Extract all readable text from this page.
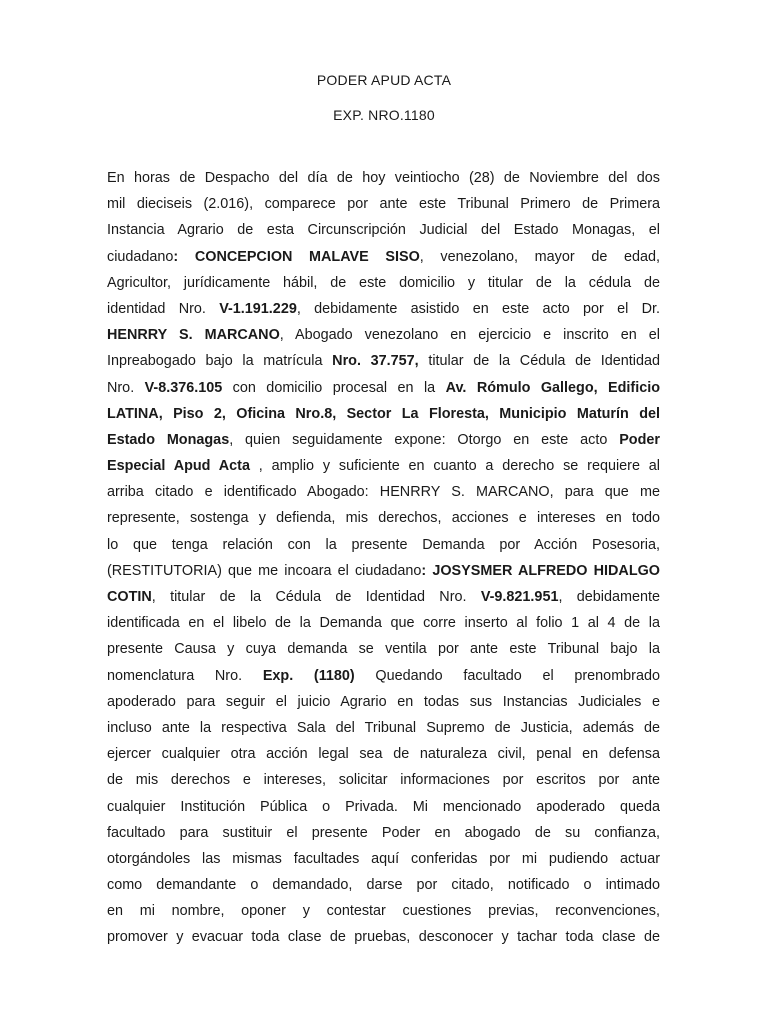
PODER APUD ACTA
EXP. NRO.1180
En horas de Despacho del día de hoy veintiocho (28) de Noviembre del dos
mil dieciseis (2.016), comparece por ante este Tribunal Primero de Primera
Instancia Agrario de esta Circunscripción Judicial del Estado Monagas, el
ciudadano: CONCEPCION MALAVE SISO, venezolano, mayor de edad,
Agricultor, jurídicamente hábil, de este domicilio y titular de la cédula de
identidad Nro. V-1.191.229, debidamente asistido en este acto por el Dr.
HENRRY S. MARCANO, Abogado venezolano en ejercicio e inscrito en el
Inpreabogado bajo la matrícula Nro. 37.757, titular de la Cédula de Identidad
Nro. V-8.376.105 con domicilio procesal en la Av. Rómulo Gallego, Edificio
LATINA, Piso 2, Oficina Nro.8, Sector La Floresta, Municipio Maturín del
Estado Monagas, quien seguidamente expone: Otorgo en este acto Poder
Especial Apud Acta , amplio y suficiente en cuanto a derecho se requiere al
arriba citado e identificado Abogado: HENRRY S. MARCANO, para que me
represente, sostenga y defienda, mis derechos, acciones e intereses en todo
lo que tenga relación con la presente Demanda por Acción Posesoria,
(RESTITUTORIA) que me incoara el ciudadano: JOSYSMER ALFREDO HIDALGO
COTIN, titular de la Cédula de Identidad Nro. V-9.821.951, debidamente
identificada en el libelo de la Demanda que corre inserto al folio 1 al 4 de la
presente Causa y cuya demanda se ventila por ante este Tribunal bajo la
nomenclatura Nro. Exp. (1180) Quedando facultado el prenombrado
apoderado para seguir el juicio Agrario en todas sus Instancias Judiciales e
incluso ante la respectiva Sala del Tribunal Supremo de Justicia, además de
ejercer cualquier otra acción legal sea de naturaleza civil, penal en defensa
de mis derechos e intereses, solicitar informaciones por escritos por ante
cualquier Institución Pública o Privada. Mi mencionado apoderado queda
facultado para sustituir el presente Poder en abogado de su confianza,
otorgándoles las mismas facultades aquí conferidas por mi pudiendo actuar
como demandante o demandado, darse por citado, notificado o intimado
en mi nombre, oponer y contestar cuestiones previas, reconvenciones,
promover y evacuar toda clase de pruebas, desconocer y tachar toda clase de
